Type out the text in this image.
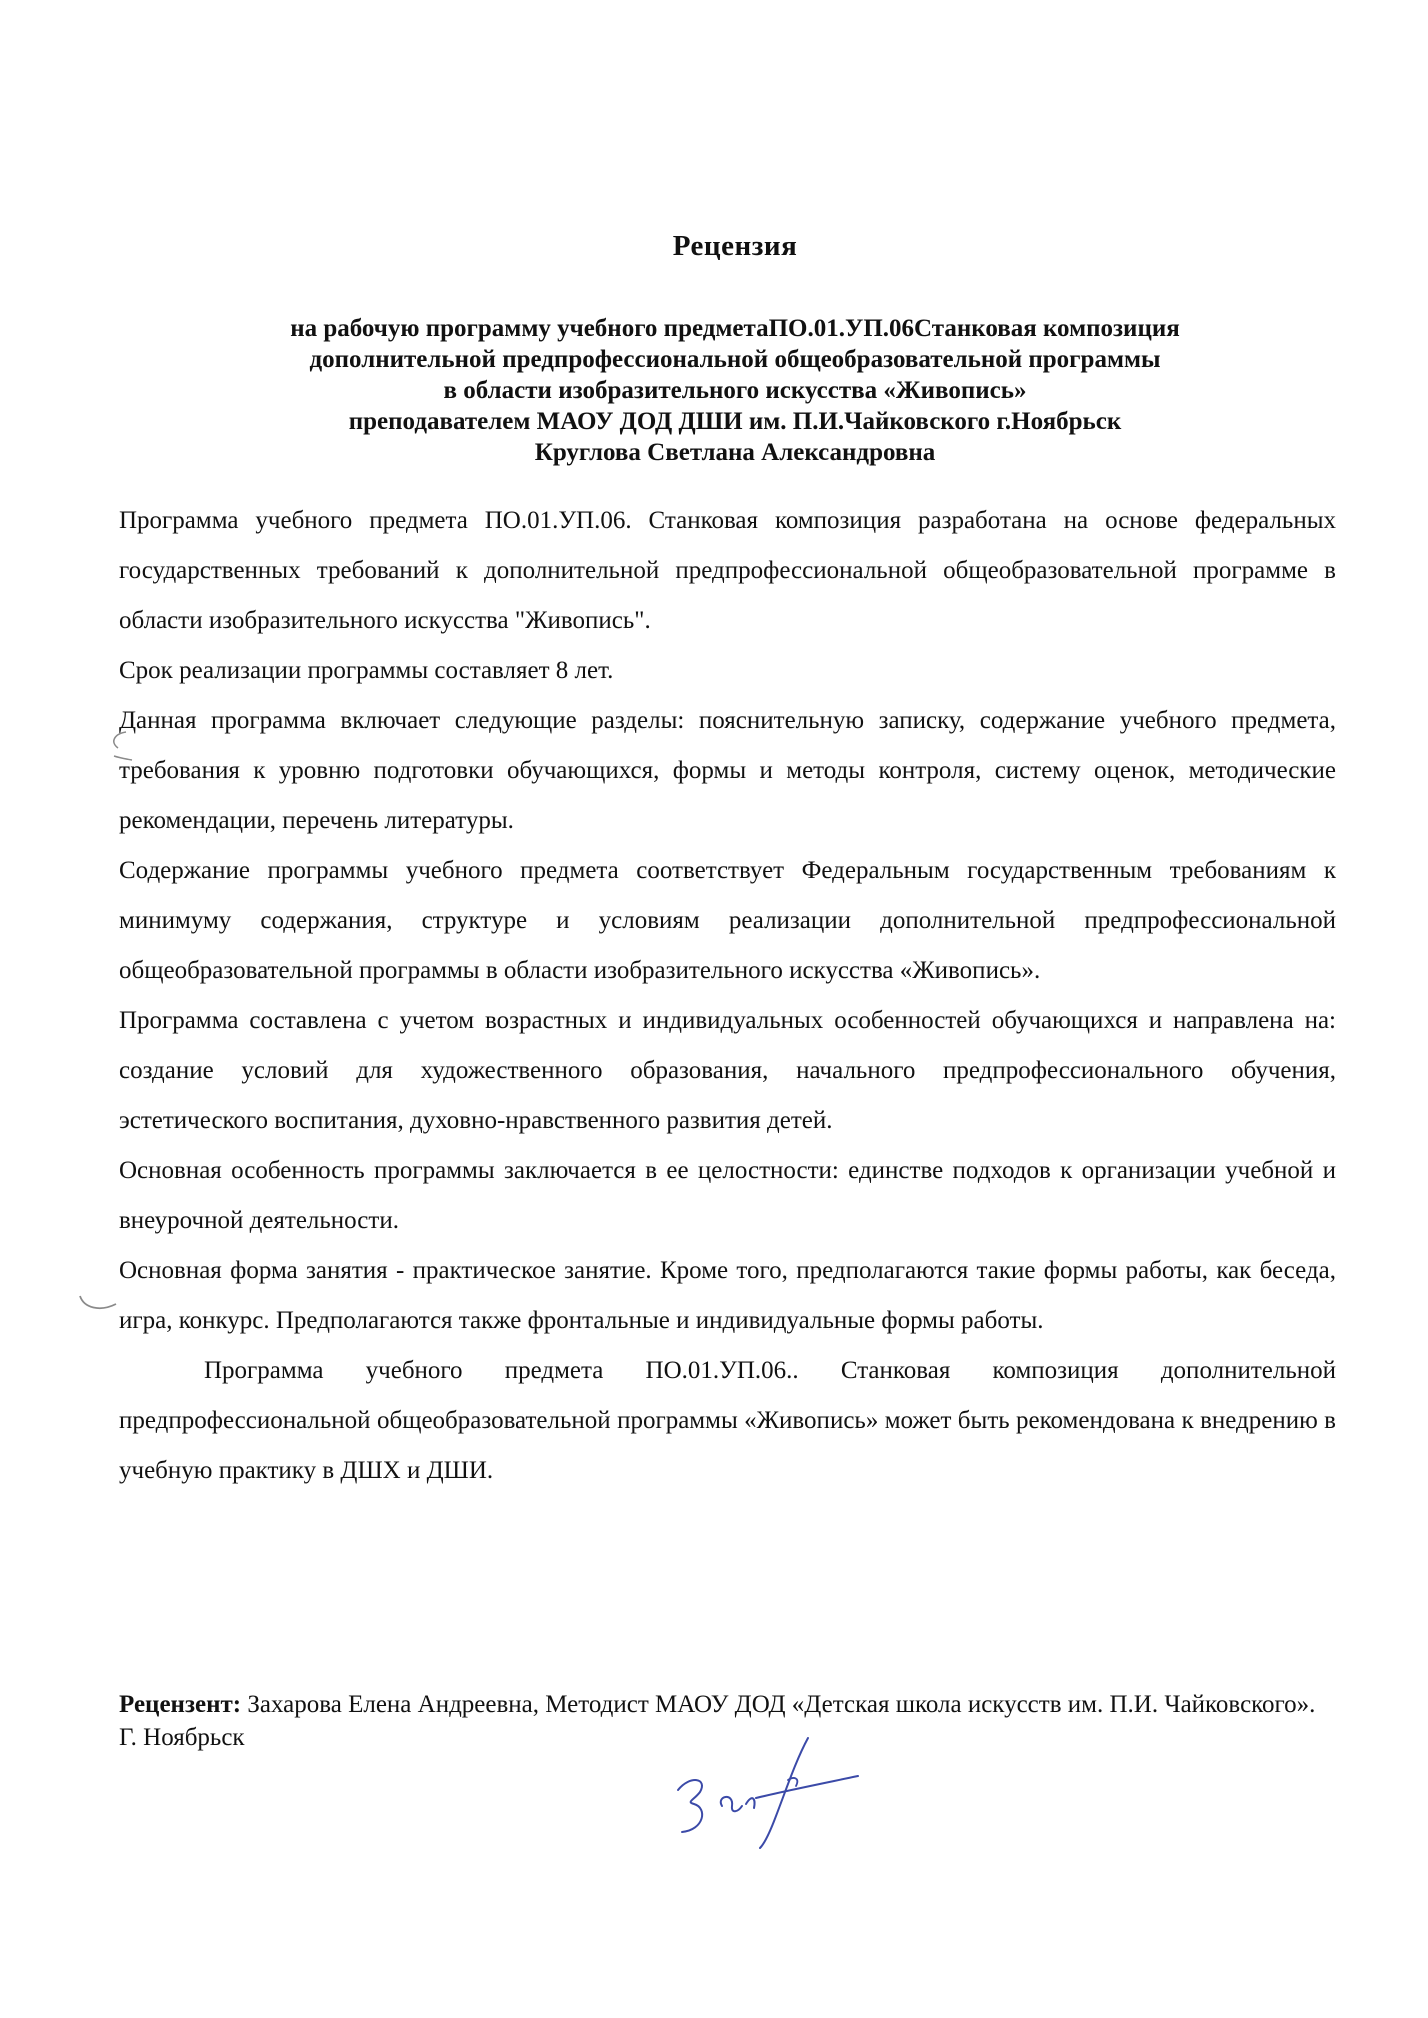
Рецензия
на рабочую программу учебного предметаПО.01.УП.06Станковая композиция
дополнительной предпрофессиональной общеобразовательной программы
в области изобразительного искусства «Живопись»
преподавателем МАОУ ДОД ДШИ им. П.И.Чайковского г.Ноябрьск
Круглова Светлана Александровна
Программа учебного предмета ПО.01.УП.06. Станковая композиция разработана на основе федеральных государственных требований к дополнительной предпрофессиональной общеобразовательной программе в области изобразительного искусства "Живопись".
Срок реализации программы составляет 8 лет.
Данная программа включает следующие разделы: пояснительную записку, содержание учебного предмета, требования к уровню подготовки обучающихся, формы и методы контроля, систему оценок, методические рекомендации, перечень литературы.
Содержание программы учебного предмета соответствует Федеральным государственным требованиям к минимуму содержания, структуре и условиям реализации дополнительной предпрофессиональной общеобразовательной программы в области изобразительного искусства «Живопись».
Программа составлена с учетом возрастных и индивидуальных особенностей обучающихся и направлена на: создание условий для художественного образования, начального предпрофессионального обучения, эстетического воспитания, духовно-нравственного развития детей.
Основная особенность программы заключается в ее целостности: единстве подходов к организации учебной и внеурочной деятельности.
Основная форма занятия - практическое занятие. Кроме того, предполагаются такие формы работы, как беседа, игра, конкурс. Предполагаются также фронтальные и индивидуальные формы работы.
Программа учебного предмета ПО.01.УП.06.. Станковая композиция дополнительной предпрофессиональной общеобразовательной программы «Живопись» может быть рекомендована к внедрению в учебную практику в ДШХ и ДШИ.
Рецензент: Захарова Елена Андреевна, Методист МАОУ ДОД «Детская школа искусств им. П.И. Чайковского». Г. Ноябрьск
